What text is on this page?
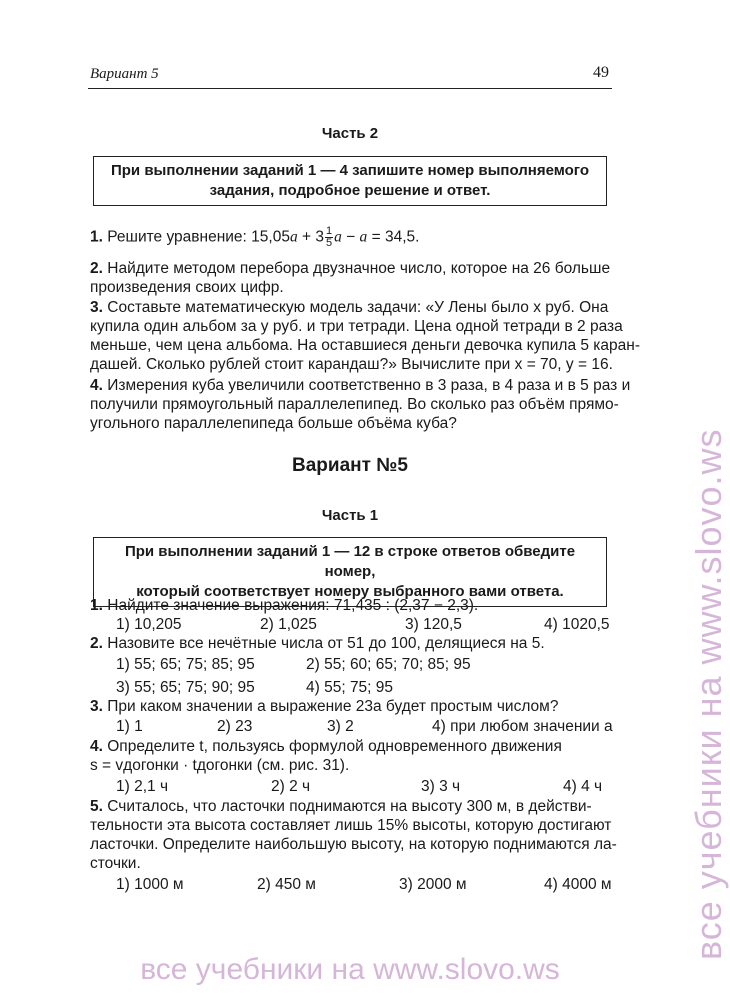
Вариант 5	49
Часть 2
При выполнении заданий 1 — 4 запишите номер выполняемого
задания, подробное решение и ответ.
1. Решите уравнение: $15,05a + 3 \frac{1}{5}$ a − a = 34,5.
2. Найдите методом перебора двузначное число, которое на 26 больше
произведения своих цифр.
3. Составьте математическую модель задачи: «У Лены было x руб. Она
купила один альбом за y руб. и три тетради. Цена одной тетради в 2 раза
меньше, чем цена альбома. На оставшиеся деньги девочка купила 5 каран-
дашей. Сколько рублей стоит карандаш?» Вычислите при x = 70, y = 16.
4. Измерения куба увеличили соответственно в 3 раза, в 4 раза и в 5 раз и
получили прямоугольный параллелепипед. Во сколько раз объём прямо-
угольного параллелепипеда больше объёма куба?
Вариант №5
Часть 1
При выполнении заданий 1 — 12 в строке ответов обведите номер,
который соответствует номеру выбранного вами ответа.
1. Найдите значение выражения: 71,435 : (2,37 − 2,3).
1) 10,205	2) 1,025	3) 120,5	4) 1020,5
2. Назовите все нечётные числа от 51 до 100, делящиеся на 5.
1) 55; 65; 75; 85; 95	2) 55; 60; 65; 70; 85; 95
3) 55; 65; 75; 90; 95	4) 55; 75; 95
3. При каком значении a выражение 23a будет простым числом?
1) 1	2) 23	3) 2	4) при любом значении a
4. Определите t, пользуясь формулой одновременного движения
s = vдогонки · tдогонки (см. рис. 31).
1) 2,1 ч	2) 2 ч	3) 3 ч	4) 4 ч
5. Считалось, что ласточки поднимаются на высоту 300 м, в действи-
тельности эта высота составляет лишь 15% высоты, которую достигают
ласточки. Определите наибольшую высоту, на которую поднимаются ла-
сточки.
1) 1000 м	2) 450 м	3) 2000 м	4) 4000 м все учебники на www.slovo.ws
все учебники на www.slovo.ws
